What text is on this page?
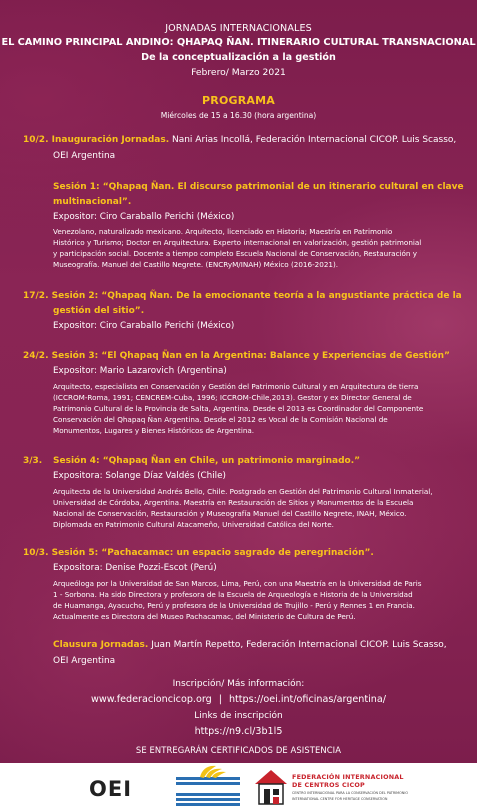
JORNADAS INTERNACIONALES
EL CAMINO PRINCIPAL ANDINO: QHAPAQ ÑAN. ITINERARIO CULTURAL TRANSNACIONAL
De la conceptualización a la gestión
Febrero/ Marzo 2021
PROGRAMA
Miércoles de 15 a 16.30 (hora argentina)
10/2. Inauguración Jornadas. Nani Arias Incollá, Federación Internacional CICOP. Luis Scasso,
OEI Argentina
Sesión 1: “Qhapaq Ñan. El discurso patrimonial de un itinerario cultural en clave
multinacional”.
Expositor: Ciro Caraballo Perichi (México)
Venezolano, naturalizado mexicano. Arquitecto, licenciado en Historia; Maestría en Patrimonio
Histórico y Turismo; Doctor en Arquitectura. Experto internacional en valorización, gestión patrimonial
y participación social. Docente a tiempo completo Escuela Nacional de Conservación, Restauración y
Museografía. Manuel del Castillo Negrete. (ENCRyM/INAH) México (2016-2021).
17/2. Sesión 2: “Qhapaq Ñan. De la emocionante teoría a la angustiante práctica de la
gestión del sitio”.
Expositor: Ciro Caraballo Perichi (México)
24/2. Sesión 3: “El Qhapaq Ñan en la Argentina: Balance y Experiencias de Gestión”
Expositor: Mario Lazarovich (Argentina)
Arquitecto, especialista en Conservación y Gestión del Patrimonio Cultural y en Arquitectura de tierra
(ICCROM-Roma, 1991; CENCREM-Cuba, 1996; ICCROM-Chile,2013). Gestor y ex Director General de
Patrimonio Cultural de la Provincia de Salta, Argentina. Desde el 2013 es Coordinador del Componente
Conservación del Qhapaq Ñan Argentina. Desde el 2012 es Vocal de la Comisión Nacional de
Monumentos, Lugares y Bienes Históricos de Argentina.
3/3. Sesión 4: “Qhapaq Ñan en Chile, un patrimonio marginado.”
Expositora: Solange Díaz Valdés (Chile)
Arquitecta de la Universidad Andrés Bello, Chile. Postgrado en Gestión del Patrimonio Cultural Inmaterial,
Universidad de Córdoba, Argentina. Maestría en Restauración de Sitios y Monumentos de la Escuela
Nacional de Conservación, Restauración y Museografía Manuel del Castillo Negrete, INAH, México.
Diplomada en Patrimonio Cultural Atacameño, Universidad Católica del Norte.
10/3. Sesión 5: “Pachacamac: un espacio sagrado de peregrinación”.
Expositora: Denise Pozzi-Escot (Perú)
Arqueóloga por la Universidad de San Marcos, Lima, Perú, con una Maestría en la Universidad de Paris
1 - Sorbona. Ha sido Directora y profesora de la Escuela de Arqueología e Historia de la Universidad
de Huamanga, Ayacucho, Perú y profesora de la Universidad de Trujillo - Perú y Rennes 1 en Francia.
Actualmente es Directora del Museo Pachacamac, del Ministerio de Cultura de Perú.
Clausura Jornadas. Juan Martín Repetto, Federación Internacional CICOP. Luis Scasso,
OEI Argentina
Inscripción/ Más información:
www.federacioncicop.org | https://oei.int/oficinas/argentina/
Links de inscripción
https://n9.cl/3b1l5
SE ENTREGARÁN CERTIFICADOS DE ASISTENCIA
OEI	FEDERACIÓN INTERNACIONAL
DE CENTROS CICOP
CENTRO INTERNACIONAL PARA LA CONSERVACIÓN DEL PATRIMONIO
INTERNATIONAL CENTRE FOR HERITAGE CONSERVATION
